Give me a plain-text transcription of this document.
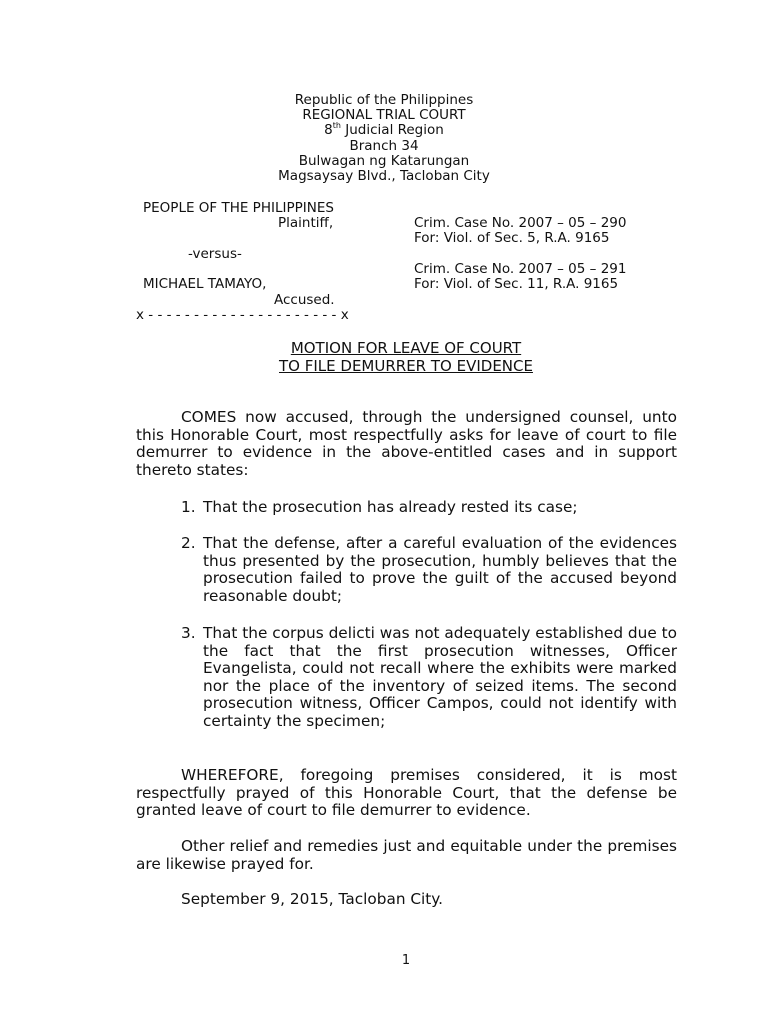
Republic of the Philippines
REGIONAL TRIAL COURT
8th Judicial Region
Branch 34
Bulwagan ng Katarungan
Magsaysay Blvd., Tacloban City
PEOPLE OF THE PHILIPPINES
Plaintiff,
-versus-
MICHAEL TAMAYO,
Accused.
x - - - - - - - - - - - - - - - - - - - - - x
Crim. Case No. 2007 – 05 – 290
For: Viol. of Sec. 5, R.A. 9165
Crim. Case No. 2007 – 05 – 291
For: Viol. of Sec. 11, R.A. 9165
MOTION FOR LEAVE OF COURT
TO FILE DEMURRER TO EVIDENCE
COMES now accused, through the undersigned counsel, unto this Honorable Court, most respectfully asks for leave of court to file demurrer to evidence in the above-entitled cases and in support thereto states:
1. That the prosecution has already rested its case;
2. That the defense, after a careful evaluation of the evidences thus presented by the prosecution, humbly believes that the prosecution failed to prove the guilt of the accused beyond reasonable doubt;
3. That the corpus delicti was not adequately established due to the fact that the first prosecution witnesses, Officer Evangelista, could not recall where the exhibits were marked nor the place of the inventory of seized items. The second prosecution witness, Officer Campos, could not identify with certainty the specimen;
WHEREFORE, foregoing premises considered, it is most respectfully prayed of this Honorable Court, that the defense be granted leave of court to file demurrer to evidence.
Other relief and remedies just and equitable under the premises are likewise prayed for.
September 9, 2015, Tacloban City.
1
